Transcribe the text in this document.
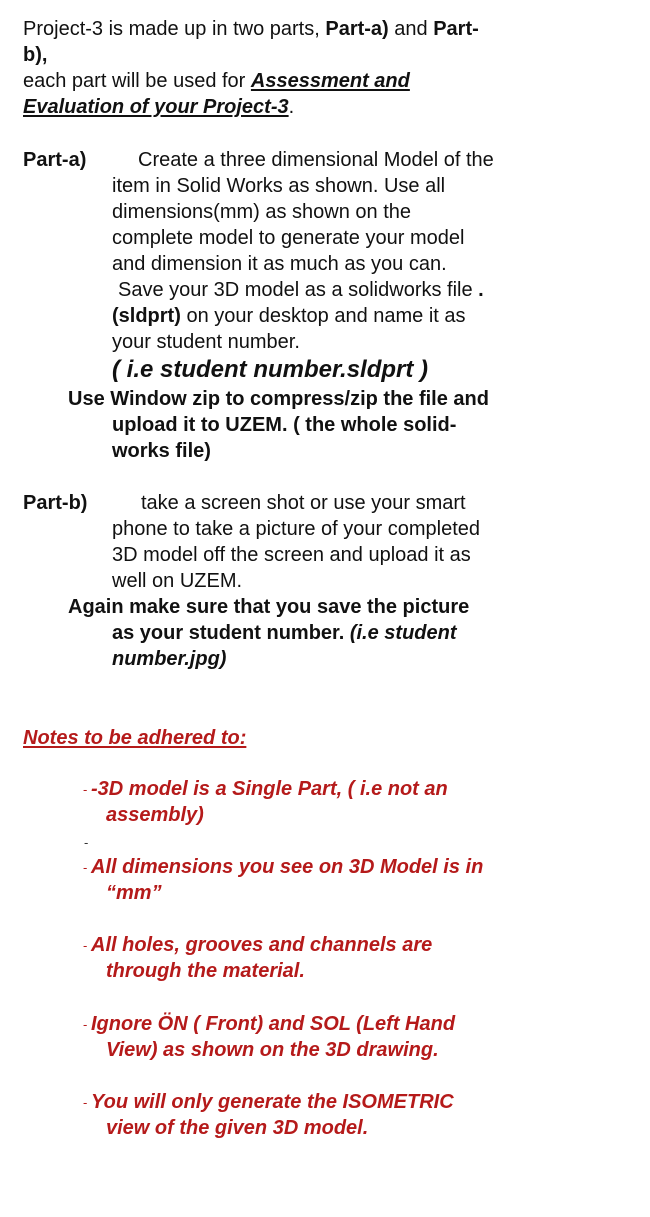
Project-3 is made up in two parts, Part-a) and Part-
b),
each part will be used for Assessment and
Evaluation of your Project-3.
Part-a)	Create a three dimensional Model of the
item in Solid Works as shown. Use all
dimensions(mm) as shown on the
complete model to generate your model
and dimension it as much as you can.
Save your 3D model as a solidworks file .
(sldprt) on your desktop and name it as
your student number.
( i.e student number.sldprt )
Use Window zip to compress/zip the file and
upload it to UZEM. ( the whole solid-
works file)
Part-b)	take a screen shot or use your smart
phone to take a picture of your completed
3D model off the screen and upload it as
well on UZEM.
Again make sure that you save the picture
as your student number. (i.e student
number.jpg)
Notes to be adhered to:
- -3D model is a Single Part, ( i.e not an
assembly)
-
- All dimensions you see on 3D Model is in
“mm”
- All holes, grooves and channels are
through the material.
- Ignore ÖN ( Front) and SOL (Left Hand
View) as shown on the 3D drawing.
- You will only generate the ISOMETRIC
view of the given 3D model.
